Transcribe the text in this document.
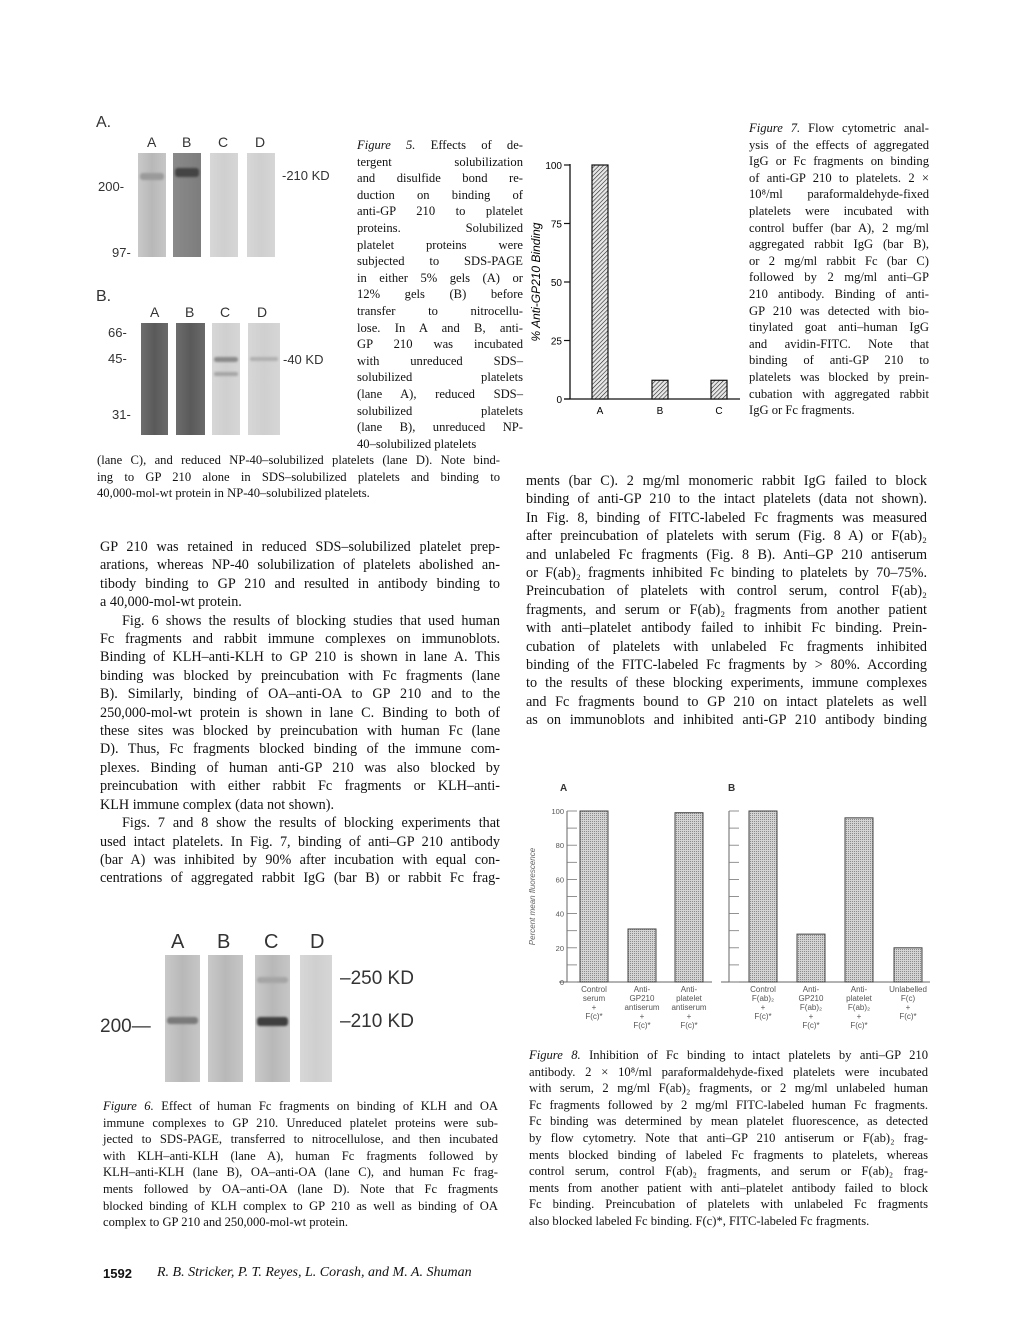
A.
A B C D
200-
97-
-210 KD
B.
A B C D
66-
45-
31-
-40 KD
Figure 5. Effects of de-
tergent solubilization
and disulfide bond re-
duction on binding of
anti-GP 210 to platelet
proteins. Solubilized
platelet proteins were
subjected to SDS-PAGE
in either 5% gels (A) or
12% gels (B) before
transfer to nitrocellu-
lose. In A and B, anti-
GP 210 was incubated
with unreduced SDS–
solubilized platelets
(lane A), reduced SDS–
solubilized platelets
(lane B), unreduced NP-
40–solubilized platelets
(lane C), and reduced NP-40–solubilized platelets (lane D). Note bind-
ing to GP 210 alone in SDS–solubilized platelets and binding to
40,000-mol-wt protein in NP-40–solubilized platelets.
GP 210 was retained in reduced SDS–solubilized platelet prep-
arations, whereas NP-40 solubilization of platelets abolished an-
tibody binding to GP 210 and resulted in antibody binding to
a 40,000-mol-wt protein.
Fig. 6 shows the results of blocking studies that used human
Fc fragments and rabbit immune complexes on immunoblots.
Binding of KLH–anti-KLH to GP 210 is shown in lane A. This
binding was blocked by preincubation with Fc fragments (lane
B). Similarly, binding of OA–anti-OA to GP 210 and to the
250,000-mol-wt protein is shown in lane C. Binding to both of
these sites was blocked by preincubation with human Fc (lane
D). Thus, Fc fragments blocked binding of the immune com-
plexes. Binding of human anti-GP 210 was also blocked by
preincubation with either rabbit Fc fragments or KLH–anti-
KLH immune complex (data not shown).
Figs. 7 and 8 show the results of blocking experiments that
used intact platelets. In Fig. 7, binding of anti–GP 210 antibody
(bar A) was inhibited by 90% after incubation with equal con-
centrations of aggregated rabbit IgG (bar B) or rabbit Fc frag-
A B C D
200—
–250 KD
–210 KD
Figure 6. Effect of human Fc fragments on binding of KLH and OA
immune complexes to GP 210. Unreduced platelet proteins were sub-
jected to SDS-PAGE, transferred to nitrocellulose, and then incubated
with KLH–anti-KLH (lane A), human Fc fragments followed by
KLH–anti-KLH (lane B), OA–anti-OA (lane C), and human Fc frag-
ments followed by OA–anti-OA (lane D). Note that Fc fragments
blocked binding of KLH complex to GP 210 as well as binding of OA
complex to GP 210 and 250,000-mol-wt protein.
1592 R. B. Stricker, P. T. Reyes, L. Corash, and M. A. Shuman
0
25
50
75
100
A	B	C
% Anti-GP210 Binding
Figure 7. Flow cytometric anal-
ysis of the effects of aggregated
IgG or Fc fragments on binding
of anti-GP 210 to platelets. 2 ×
10⁸/ml paraformaldehyde-fixed
platelets were incubated with
control buffer (bar A), 2 mg/ml
aggregated rabbit IgG (bar B),
or 2 mg/ml rabbit Fc (bar C)
followed by 2 mg/ml anti–GP
210 antibody. Binding of anti-
GP 210 was detected with bio-
tinylated goat anti–human IgG
and avidin-FITC. Note that
binding of anti-GP 210 to
platelets was blocked by prein-
cubation with aggregated rabbit
IgG or Fc fragments.
ments (bar C). 2 mg/ml monomeric rabbit IgG failed to block
binding of anti-GP 210 to the intact platelets (data not shown).
In Fig. 8, binding of FITC-labeled Fc fragments was measured
after preincubation of platelets with serum (Fig. 8 A) or F(ab)₂
and unlabeled Fc fragments (Fig. 8 B). Anti–GP 210 antiserum
or F(ab)₂ fragments inhibited Fc binding to platelets by 70–75%.
Preincubation of platelets with control serum, control F(ab)₂
fragments, and serum or F(ab)₂ fragments from another patient
with anti–platelet antibody failed to inhibit Fc binding. Prein-
cubation of platelets with unlabeled Fc fragments inhibited
binding of the FITC-labeled Fc fragments by > 80%. According
to the results of these blocking experiments, immune complexes
and Fc fragments bound to GP 210 on intact platelets as well
as on immunoblots and inhibited anti-GP 210 antibody binding
A
0
20
40
60
80
100
Control
serum
+
F(c)*
Anti-
GP210
antiserum
+
F(c)*
Anti-
platelet
antiserum
+
F(c)*
B
Control
F(ab)₂
+
F(c)*
Anti-
GP210
F(ab)₂
+
F(c)*
Anti-
platelet
F(ab)₂
+
F(c)*
Unlabelled
F(c)
+
F(c)*
Percent mean fluorescence
Figure 8. Inhibition of Fc binding to intact platelets by anti–GP 210
antibody. 2 × 10⁸/ml paraformaldehyde-fixed platelets were incubated
with serum, 2 mg/ml F(ab)₂ fragments, or 2 mg/ml unlabeled human
Fc fragments followed by 2 mg/ml FITC-labeled human Fc fragments.
Fc binding was determined by mean platelet fluorescence, as detected
by flow cytometry. Note that anti–GP 210 antiserum or F(ab)₂ frag-
ments blocked binding of labeled Fc fragments to platelets, whereas
control serum, control F(ab)₂ fragments, and serum or F(ab)₂ frag-
ments from another patient with anti–platelet antibody failed to block
Fc binding. Preincubation of platelets with unlabeled Fc fragments
also blocked labeled Fc binding. F(c)*, FITC-labeled Fc fragments.
